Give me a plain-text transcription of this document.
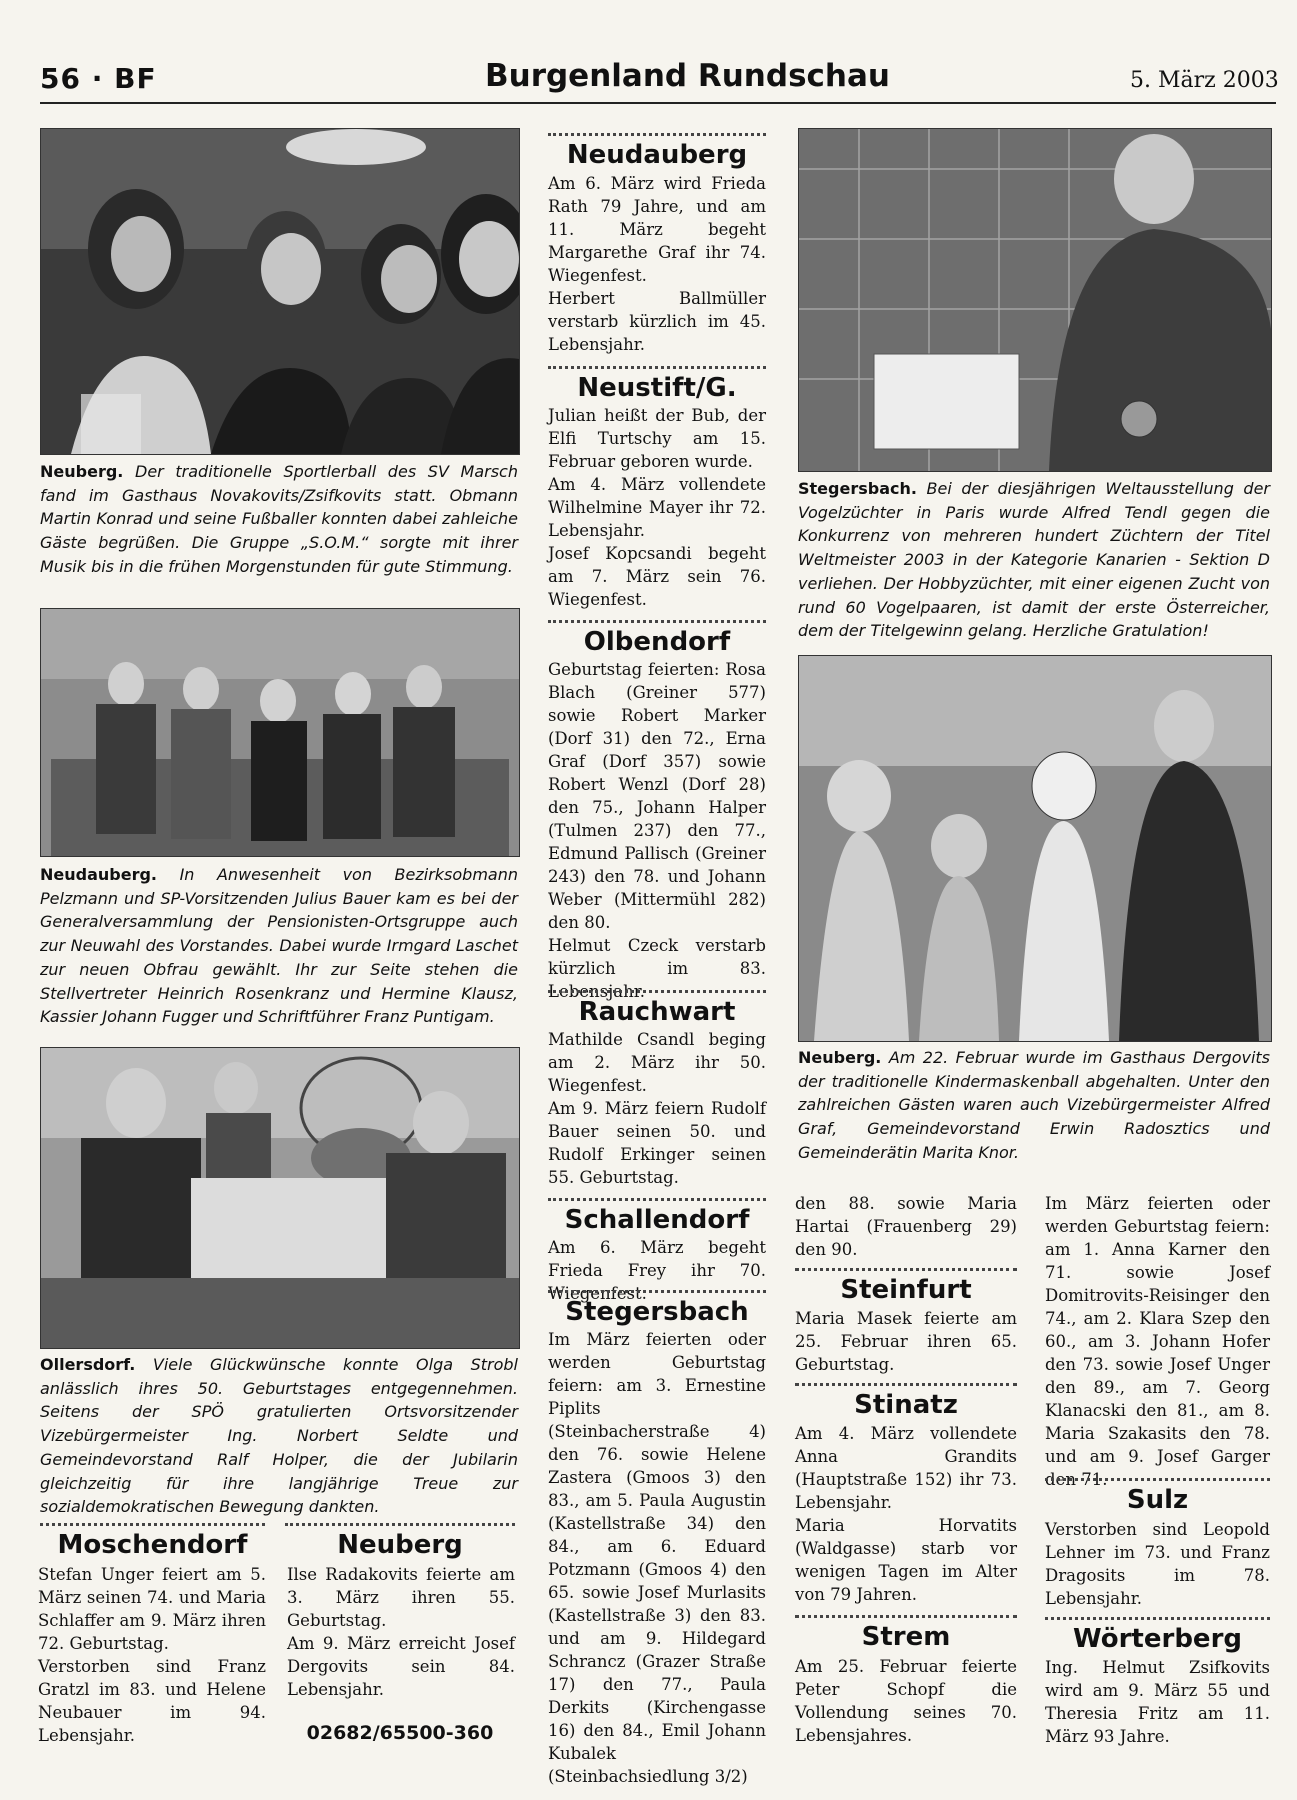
56 · BF	Burgenland Rundschau	5. März 2003
Neuberg. Der traditionelle Sportlerball des SV Marsch fand im Gasthaus Novakovits/Zsifkovits statt. Obmann Martin Konrad und seine Fußballer konnten dabei zahleiche Gäste begrüßen. Die Gruppe „S.O.M.“ sorgte mit ihrer Musik bis in die frühen Morgenstunden für gute Stimmung.
Neudauberg. In Anwesenheit von Bezirksobmann Pelzmann und SP-Vorsitzenden Julius Bauer kam es bei der Generalversammlung der Pensionisten-Ortsgruppe auch zur Neuwahl des Vorstandes. Dabei wurde Irmgard Laschet zur neuen Obfrau gewählt. Ihr zur Seite stehen die Stellvertreter Heinrich Rosenkranz und Hermine Klausz, Kassier Johann Fugger und Schriftführer Franz Puntigam.
Ollersdorf. Viele Glückwünsche konnte Olga Strobl anlässlich ihres 50. Geburtstages entgegennehmen. Seitens der SPÖ gratulierten Ortsvorsitzender Vizebürgermeister Ing. Norbert Seldte und Gemeindevorstand Ralf Holper, die der Jubilarin gleichzeitig für ihre langjährige Treue zur sozialdemokratischen Bewegung dankten.
Moschendorf

Stefan Unger feiert am 5. März seinen 74. und Maria Schlaffer am 9. März ihren 72. Geburtstag.

Verstorben sind Franz Gratzl im 83. und Helene Neubauer im 94. Lebensjahr.

Neuberg

Ilse Radakovits feierte am 3. März ihren 55. Geburtstag.

Am 9. März erreicht Josef Dergovits sein 84. Lebensjahr.

02682/65500-360
Neudauberg

Am 6. März wird Frieda Rath 79 Jahre, und am 11. März begeht Margarethe Graf ihr 74. Wiegenfest.

Herbert Ballmüller verstarb kürzlich im 45. Lebensjahr.

Neustift/G.

Julian heißt der Bub, der Elfi Turtschy am 15. Februar geboren wurde.

Am 4. März vollendete Wilhelmine Mayer ihr 72. Lebensjahr.

Josef Kopcsandi begeht am 7. März sein 76. Wiegenfest.

Olbendorf

Geburtstag feierten: Rosa Blach (Greiner 577) sowie Robert Marker (Dorf 31) den 72., Erna Graf (Dorf 357) sowie Robert Wenzl (Dorf 28) den 75., Johann Halper (Tulmen 237) den 77., Edmund Pallisch (Greiner 243) den 78. und Johann Weber (Mittermühl 282) den 80.

Helmut Czeck verstarb kürzlich im 83. Lebensjahr.

Rauchwart

Mathilde Csandl beging am 2. März ihr 50. Wiegenfest.

Am 9. März feiern Rudolf Bauer seinen 50. und Rudolf Erkinger seinen 55. Geburtstag.

Schallendorf

Am 6. März begeht Frieda Frey ihr 70. Wiegenfest.

Stegersbach

Im März feierten oder werden Geburtstag feiern: am 3. Ernestine Piplits (Steinbacherstraße 4) den 76. sowie Helene Zastera (Gmoos 3) den 83., am 5. Paula Augustin (Kastellstraße 34) den 84., am 6. Eduard Potzmann (Gmoos 4) den 65. sowie Josef Murlasits (Kastellstraße 3) den 83. und am 9. Hildegard Schrancz (Grazer Straße 17) den 77., Paula Derkits (Kirchengasse 16) den 84., Emil Johann Kubalek (Steinbachsiedlung 3/2)

Stegersbach. Bei der diesjährigen Weltausstellung der Vogelzüchter in Paris wurde Alfred Tendl gegen die Konkurrenz von mehreren hundert Züchtern der Titel Weltmeister 2003 in der Kategorie Kanarien - Sektion D verliehen. Der Hobbyzüchter, mit einer eigenen Zucht von rund 60 Vogelpaaren, ist damit der erste Österreicher, dem der Titelgewinn gelang. Herzliche Gratulation!
Neuberg. Am 22. Februar wurde im Gasthaus Dergovits der traditionelle Kindermaskenball abgehalten. Unter den zahlreichen Gästen waren auch Vizebürgermeister Alfred Graf, Gemeindevorstand Erwin Radosztics und Gemeinderätin Marita Knor.

den 88. sowie Maria Hartai (Frauenberg 29) den 90.

Steinfurt

Maria Masek feierte am 25. Februar ihren 65. Geburtstag.

Stinatz

Am 4. März vollendete Anna Grandits (Hauptstraße 152) ihr 73. Lebensjahr.

Maria Horvatits (Waldgasse) starb vor wenigen Tagen im Alter von 79 Jahren.

Strem

Am 25. Februar feierte Peter Schopf die Vollendung seines 70. Lebensjahres.

Im März feierten oder werden Geburtstag feiern: am 1. Anna Karner den 71. sowie Josef Domitrovits-Reisinger den 74., am 2. Klara Szep den 60., am 3. Johann Hofer den 73. sowie Josef Unger den 89., am 7. Georg Klanacski den 81., am 8. Maria Szakasits den 78. und am 9. Josef Garger den 71.

Sulz

Verstorben sind Leopold Lehner im 73. und Franz Dragosits im 78. Lebensjahr.

Wörterberg

Ing. Helmut Zsifkovits wird am 9. März 55 und Theresia Fritz am 11. März 93 Jahre.
